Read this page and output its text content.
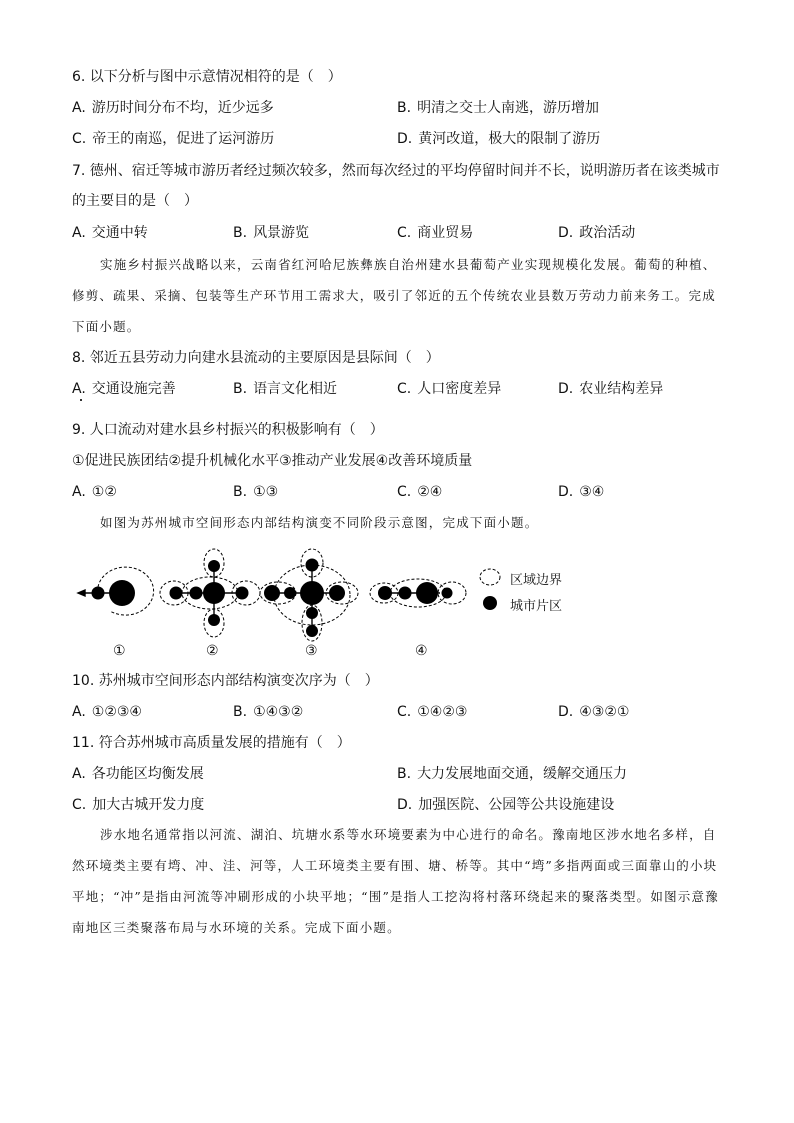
6. 以下分析与图中示意情况相符的是（　）
A. 游历时间分布不均，近少远多	B. 明清之交士人南逃，游历增加
C. 帝王的南巡，促进了运河游历	D. 黄河改道，极大的限制了游历
7. 德州、宿迁等城市游历者经过频次较多，然而每次经过的平均停留时间并不长，说明游历者在该类城市
的主要目的是（　）
A. 交通中转	B. 风景游览	C. 商业贸易	D. 政治活动
实施乡村振兴战略以来，云南省红河哈尼族彝族自治州建水县葡萄产业实现规模化发展。葡萄的种植、修剪、疏果、采摘、包装等生产环节用工需求大，吸引了邻近的五个传统农业县数万劳动力前来务工。完成下面小题。
8. 邻近五县劳动力向建水县流动的主要原因是县际间（　）
A. 交通设施完善	B. 语言文化相近	C. 人口密度差异	D. 农业结构差异
9. 人口流动对建水县乡村振兴的积极影响有（　）
①促进民族团结②提升机械化水平③推动产业发展④改善环境质量
A. ①②	B. ①③	C. ②④	D. ③④
如图为苏州城市空间形态内部结构演变不同阶段示意图，完成下面小题。
区域边界
城市片区
①	②	③	④
10. 苏州城市空间形态内部结构演变次序为（　）
A. ①②③④	B. ①④③②	C. ①④②③	D. ④③②①
11. 符合苏州城市高质量发展的措施有（　）
A. 各功能区均衡发展	B. 大力发展地面交通，缓解交通压力
C. 加大古城开发力度	D. 加强医院、公园等公共设施建设
涉水地名通常指以河流、湖泊、坑塘水系等水环境要素为中心进行的命名。豫南地区涉水地名多样，自然环境类主要有塆、冲、洼、河等，人工环境类主要有围、塘、桥等。其中“塆”多指两面或三面靠山的小块平地；“冲”是指由河流等冲刷形成的小块平地；“围”是指人工挖沟将村落环绕起来的聚落类型。如图示意豫南地区三类聚落布局与水环境的关系。完成下面小题。
